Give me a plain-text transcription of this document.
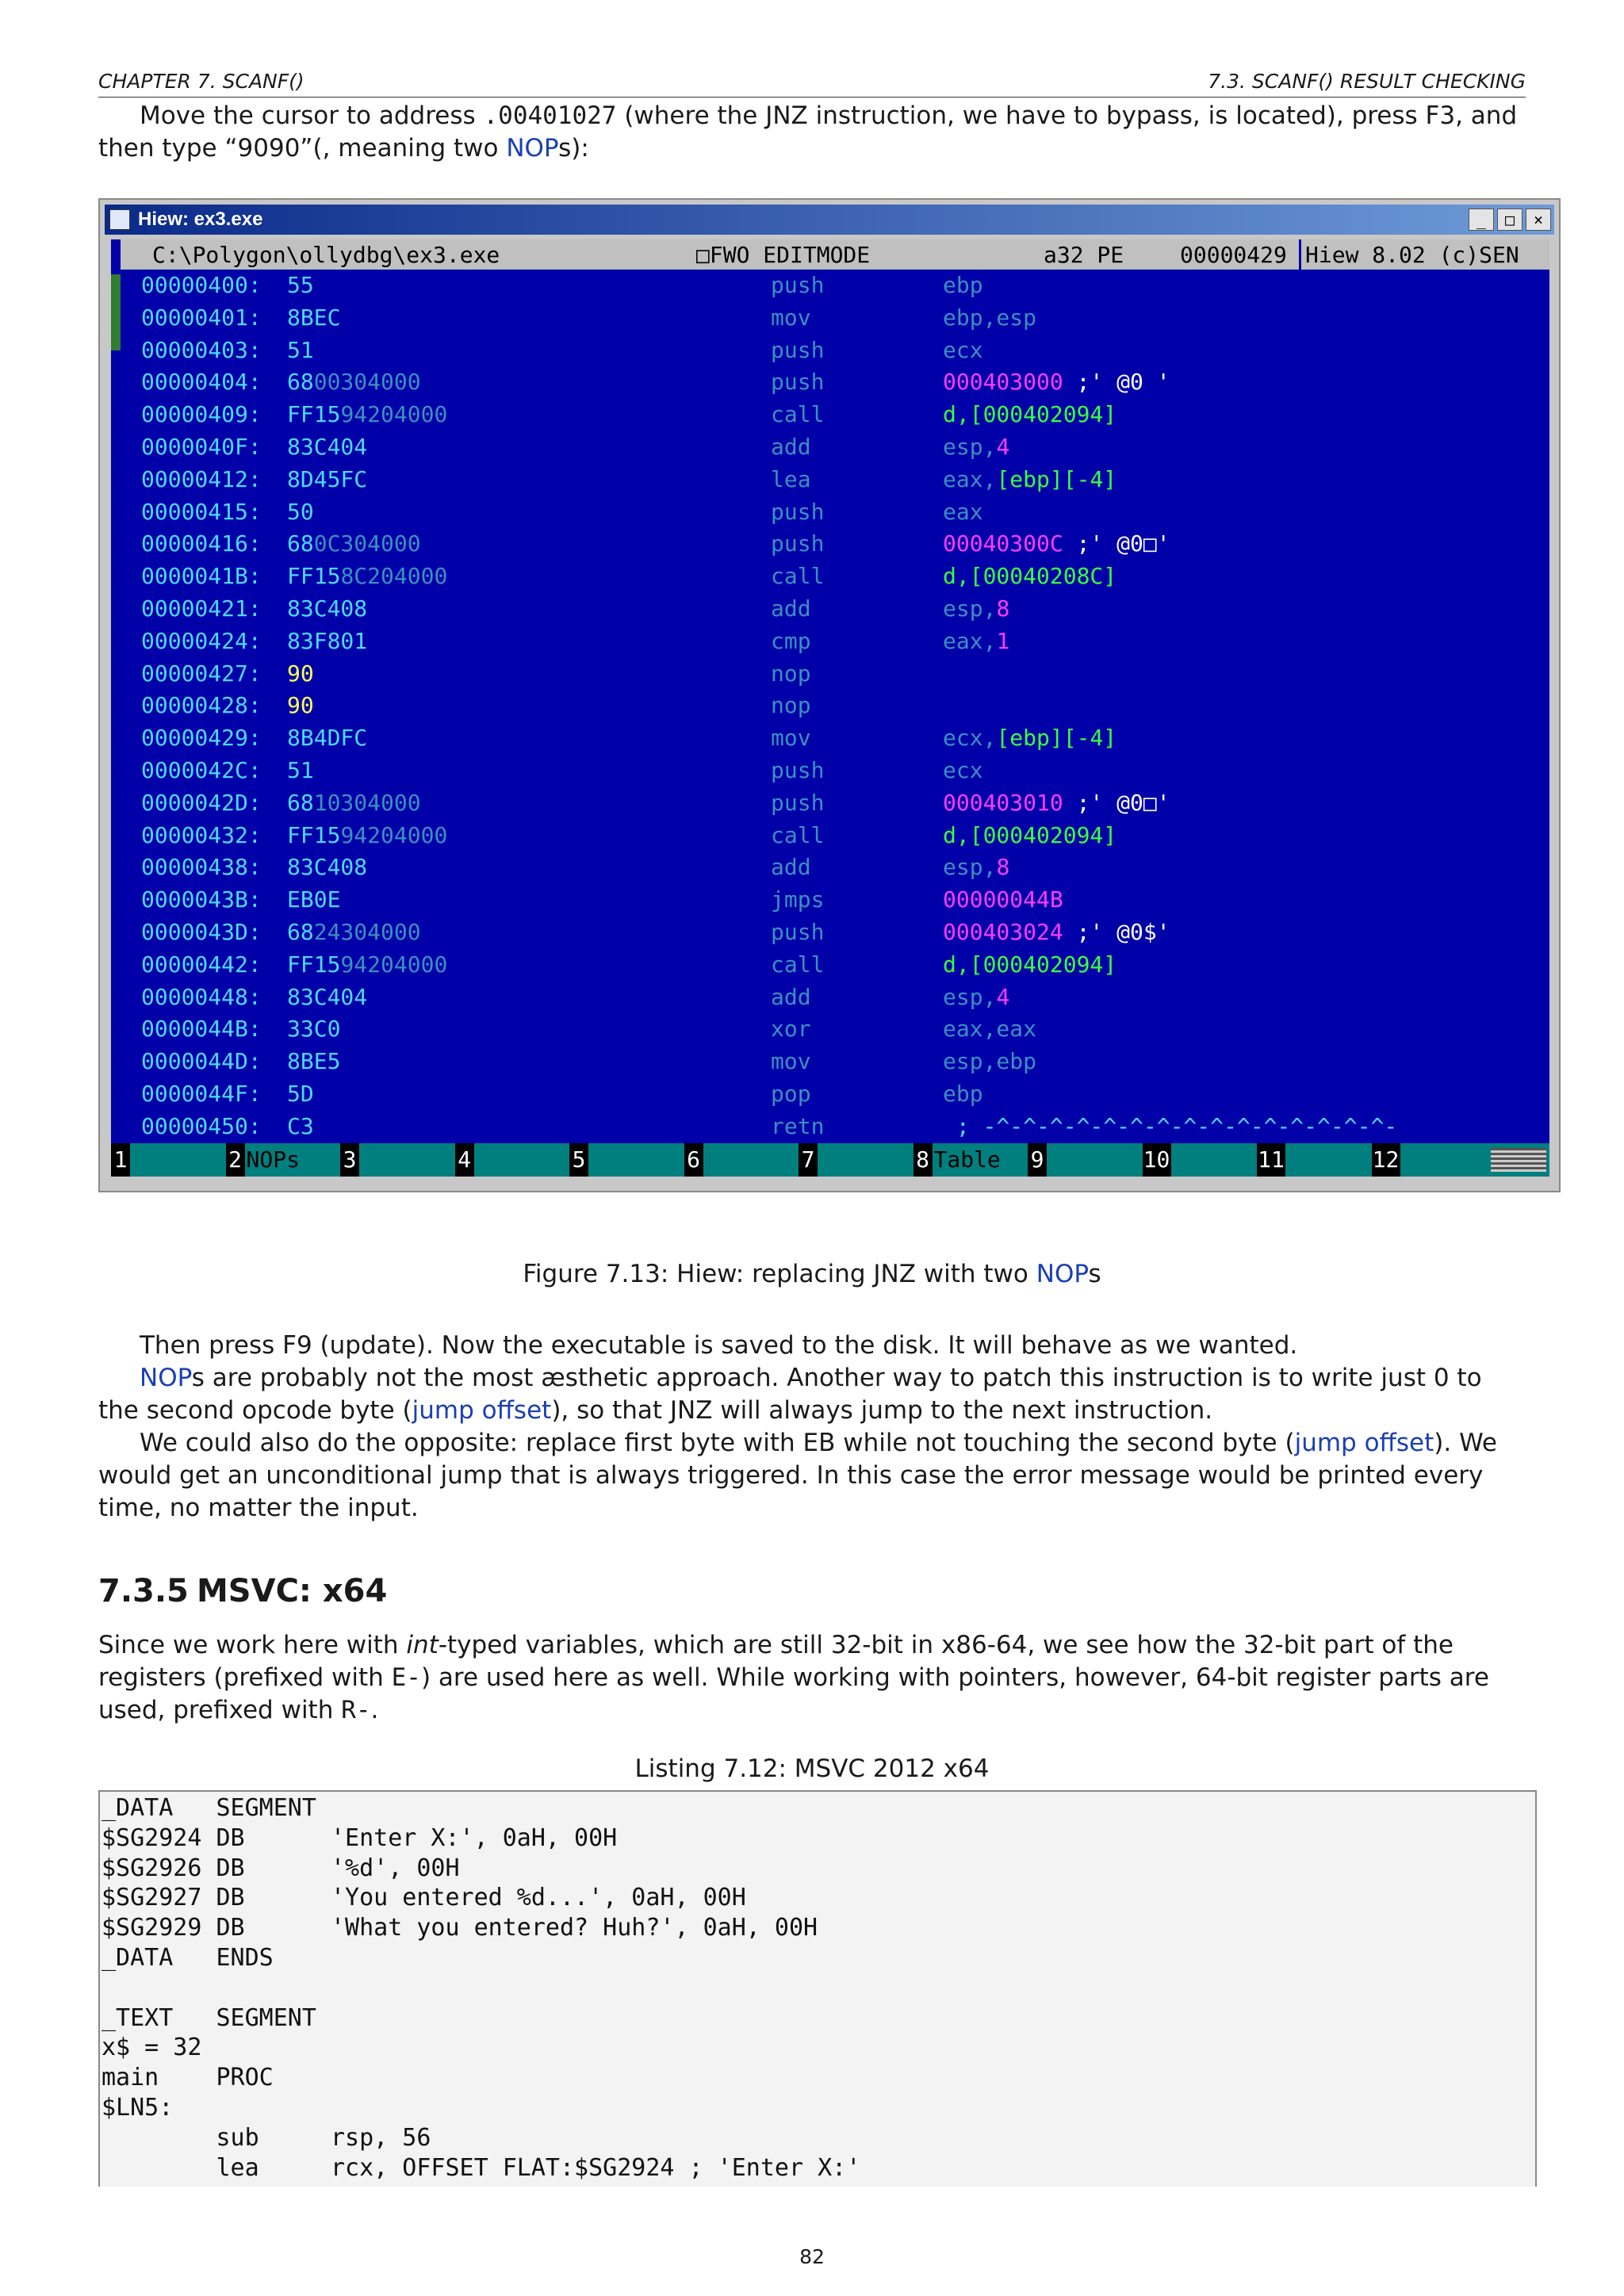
CHAPTER 7. SCANF()	7.3. SCANF() RESULT CHECKING
Move the cursor to address .00401027 (where the JNZ instruction, we have to bypass, is located), press F3, and then type “9090”(, meaning two NOPs):
Hiew: ex3.exe	_	□	×
C:\Polygon\ollydbg\ex3.exe	□FWO EDITMODE	a32 PE	00000429 Hiew 8.02 (c)SEN
00000400: 55	push	ebp
00000401: 8BEC	mov	ebp,esp
00000403: 51	push	ecx
00000404: 6800304000	push	000403000 ;' @0 '
00000409: FF1594204000	call	d,[000402094]
0000040F: 83C404	add	esp,4
00000412: 8D45FC	lea	eax,[ebp][-4]
00000415: 50	push	eax
00000416: 680C304000	push	00040300C ;' @0□'
0000041B: FF158C204000	call	d,[00040208C]
00000421: 83C408	add	esp,8
00000424: 83F801	cmp	eax,1
00000427: 90	nop
00000428: 90	nop
00000429: 8B4DFC	mov	ecx,[ebp][-4]
0000042C: 51	push	ecx
0000042D: 6810304000	push	000403010 ;' @0□'
00000432: FF1594204000	call	d,[000402094]
00000438: 83C408	add	esp,8
0000043B: EB0E	jmps	00000044B
0000043D: 6824304000	push	000403024 ;' @0$'
00000442: FF1594204000	call	d,[000402094]
00000448: 83C404	add	esp,4
0000044B: 33C0	xor	eax,eax
0000044D: 8BE5	mov	esp,ebp
0000044F: 5D	pop	ebp
00000450: C3	retn	; -^-^-^-^-^-^-^-^-^-^-^-^-^-^-^-
1	2 NOPs 3	4	5	6	7	8 Table 9	10	11	12
Figure 7.13: Hiew: replacing JNZ with two NOPs
Then press F9 (update). Now the executable is saved to the disk. It will behave as we wanted.
NOPs are probably not the most æsthetic approach. Another way to patch this instruction is to write just 0 to the second opcode byte (jump offset), so that JNZ will always jump to the next instruction.
We could also do the opposite: replace first byte with EB while not touching the second byte (jump offset). We would get an unconditional jump that is always triggered. In this case the error message would be printed every time, no matter the input.
7.3.5 MSVC: x64
Since we work here with int-typed variables, which are still 32-bit in x86-64, we see how the 32-bit part of the registers (prefixed with E-) are used here as well. While working with pointers, however, 64-bit register parts are used, prefixed with R-.
Listing 7.12: MSVC 2012 x64
_DATA   SEGMENT
$SG2924 DB      'Enter X:', 0aH, 00H
$SG2926 DB      '%d', 00H
$SG2927 DB      'You entered %d...', 0aH, 00H
$SG2929 DB      'What you entered? Huh?', 0aH, 00H
_DATA   ENDS
_TEXT   SEGMENT
x$ = 32
main    PROC
$LN5:
sub     rsp, 56
lea     rcx, OFFSET FLAT:$SG2924 ; 'Enter X:'
82
